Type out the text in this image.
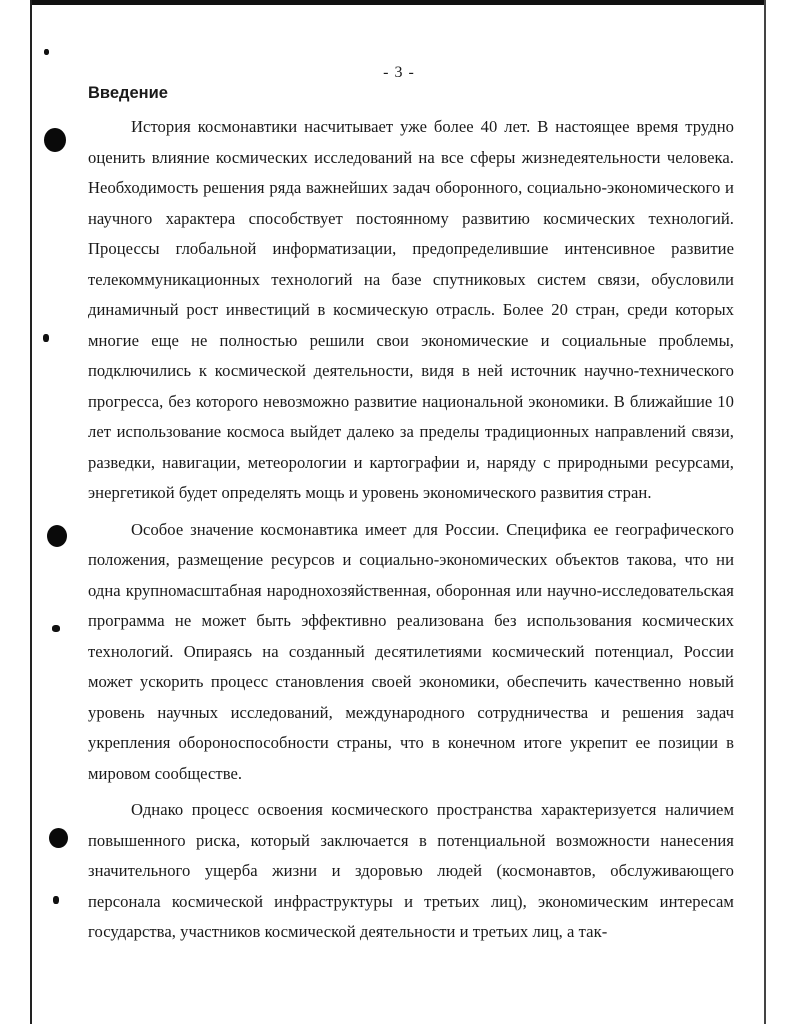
- 3 -
Введение

История космонавтики насчитывает уже более 40 лет. В настоящее время трудно оценить влияние космических исследований на все сферы жизнедеятельности человека. Необходимость решения ряда важнейших задач оборонного, социально-экономического и научного характера способствует постоянному развитию космических технологий. Процессы глобальной информатизации, предопределившие интенсивное развитие телекоммуникационных технологий на базе спутниковых систем связи, обусловили динамичный рост инвестиций в космическую отрасль. Более 20 стран, среди которых многие еще не полностью решили свои экономические и социальные проблемы, подключились к космической деятельности, видя в ней источник научно-технического прогресса, без которого невозможно развитие национальной экономики. В ближайшие 10 лет использование космоса выйдет далеко за пределы традиционных направлений связи, разведки, навигации, метеорологии и картографии и, наряду с природными ресурсами, энергетикой будет определять мощь и уровень экономического развития стран.

Особое значение космонавтика имеет для России. Специфика ее географического положения, размещение ресурсов и социально-экономических объектов такова, что ни одна крупномасштабная народнохозяйственная, оборонная или научно-исследовательская программа не может быть эффективно реализована без использования космических технологий. Опираясь на созданный десятилетиями космический потенциал, России может ускорить процесс становления своей экономики, обеспечить качественно новый уровень научных исследований, международного сотрудничества и решения задач укрепления обороноспособности страны, что в конечном итоге укрепит ее позиции в мировом сообществе.

Однако процесс освоения космического пространства характеризуется наличием повышенного риска, который заключается в потенциальной возможности нанесения значительного ущерба жизни и здоровью людей (космонавтов, обслуживающего персонала космической инфраструктуры и третьих лиц), экономическим интересам государства, участников космической деятельности и третьих лиц, а так-
